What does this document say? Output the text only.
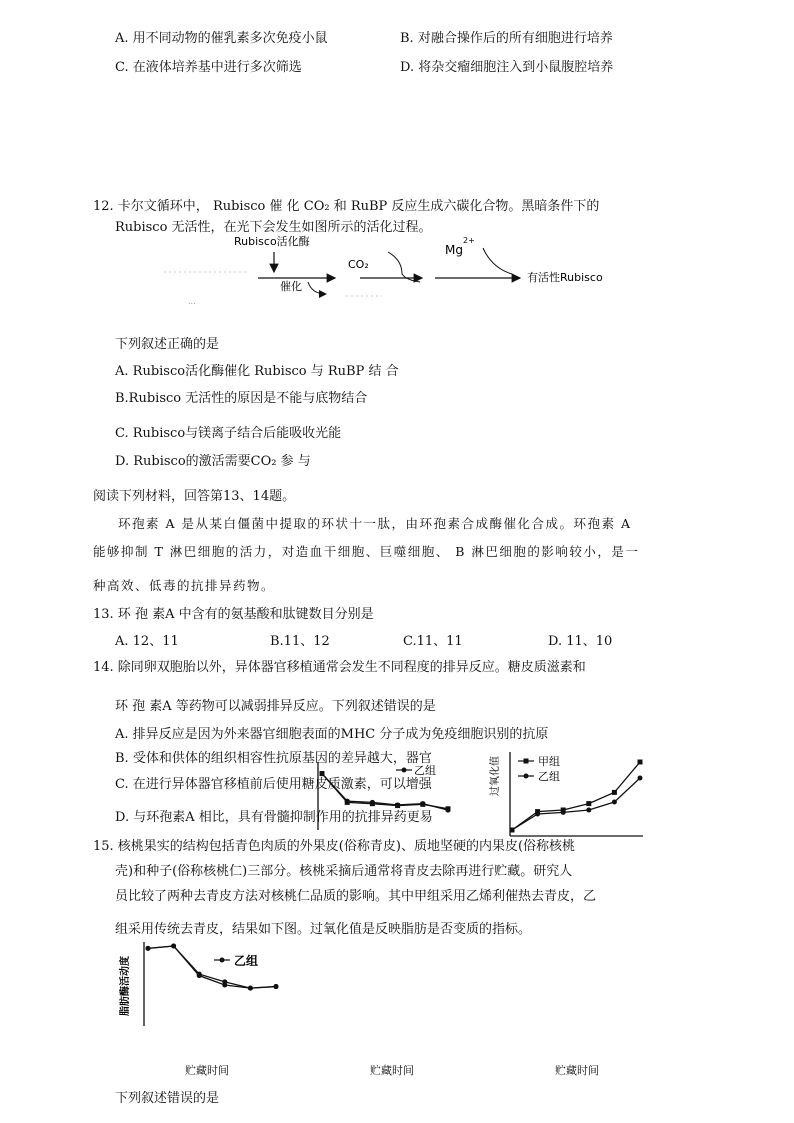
A. 用不同动物的催乳素多次免疫小鼠	B. 对融合操作后的所有细胞进行培养
C. 在液体培养基中进行多次筛选	D. 将杂交瘤细胞注入到小鼠腹腔培养
12. 卡尔文循环中， Rubisco 催 化 CO₂ 和 RuBP 反应生成六碳化合物。黑暗条件下的
Rubisco 无活性，在光下会发生如图所示的活化过程。
Rubisco活化酶
催化
CO₂
Mg
2+
有活性Rubisco
...
下列叙述正确的是
A. Rubisco活化酶催化 Rubisco 与 RuBP 结 合
B.Rubisco 无活性的原因是不能与底物结合
C. Rubisco与镁离子结合后能吸收光能
D. Rubisco的激活需要CO₂ 参 与
阅读下列材料，回答第13、14题。
环孢素 A 是从某白僵菌中提取的环状十一肽，由环孢素合成酶催化合成。环孢素 A
能够抑制 T 淋巴细胞的活力，对造血干细胞、巨噬细胞、 B 淋巴细胞的影响较小，是一
种高效、低毒的抗排异药物。
13. 环 孢 素A 中含有的氨基酸和肽键数目分别是
A. 12、11	B.11、12	C.11、11	D. 11、10
14. 除同卵双胞胎以外，异体器官移植通常会发生不同程度的排异反应。糖皮质滋素和
环 孢 素A 等药物可以减弱排异反应。下列叙述错误的是
A. 排异反应是因为外来器官细胞表面的MHC 分子成为免疫细胞识别的抗原
B. 受体和供体的组织相容性抗原基因的差异越大，器官
C. 在进行异体器官移植前后使用糖皮质激素，可以增强
D. 与环孢素A 相比，具有骨髓抑制作用的抗排异药更易
乙组	过氧化值	甲组
乙组
15. 核桃果实的结构包括青色肉质的外果皮(俗称青皮)、质地坚硬的内果皮(俗称核桃
壳)和种子(俗称核桃仁)三部分。核桃采摘后通常将青皮去除再进行贮藏。研究人
员比较了两种去青皮方法对核桃仁品质的影响。其中甲组采用乙烯利催热去青皮，乙
组采用传统去青皮，结果如下图。过氧化值是反映脂肪是否变质的指标。
脂肪酶活动度	乙组
贮藏时间	贮藏时间	贮藏时间
下列叙述错误的是
